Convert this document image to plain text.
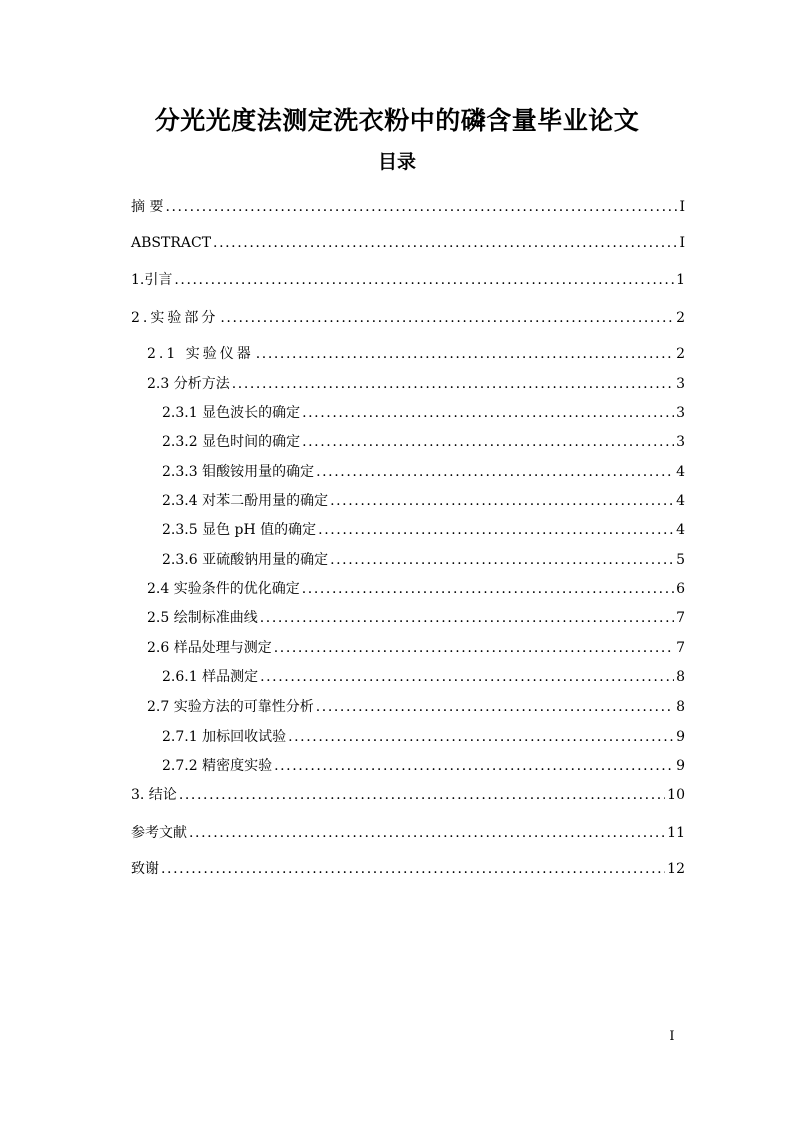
分光光度法测定洗衣粉中的磷含量毕业论文
目录
摘 要 .....	I
ABSTRACT .....	I
1.引言 .....	1
2.实验部分 .....	2
2.1 实验仪器 .....	2
2.3 分析方法 .....	3
2.3.1 显色波长的确定 .....	3
2.3.2 显色时间的确定 .....	3
2.3.3 钼酸铵用量的确定 .....	4
2.3.4 对苯二酚用量的确定 .....	4
2.3.5 显色 pH 值的确定 .....	4
2.3.6 亚硫酸钠用量的确定 .....	5
2.4 实验条件的优化确定 .....	6
2.5 绘制标准曲线 .....	7
2.6 样品处理与测定 .....	7
2.6.1 样品测定 .....	8
2.7 实验方法的可靠性分析 .....	8
2.7.1 加标回收试验 .....	9
2.7.2 精密度实验 .....	9
3. 结论 .....	10
参考文献 .....	11
致谢 .....	12
I
